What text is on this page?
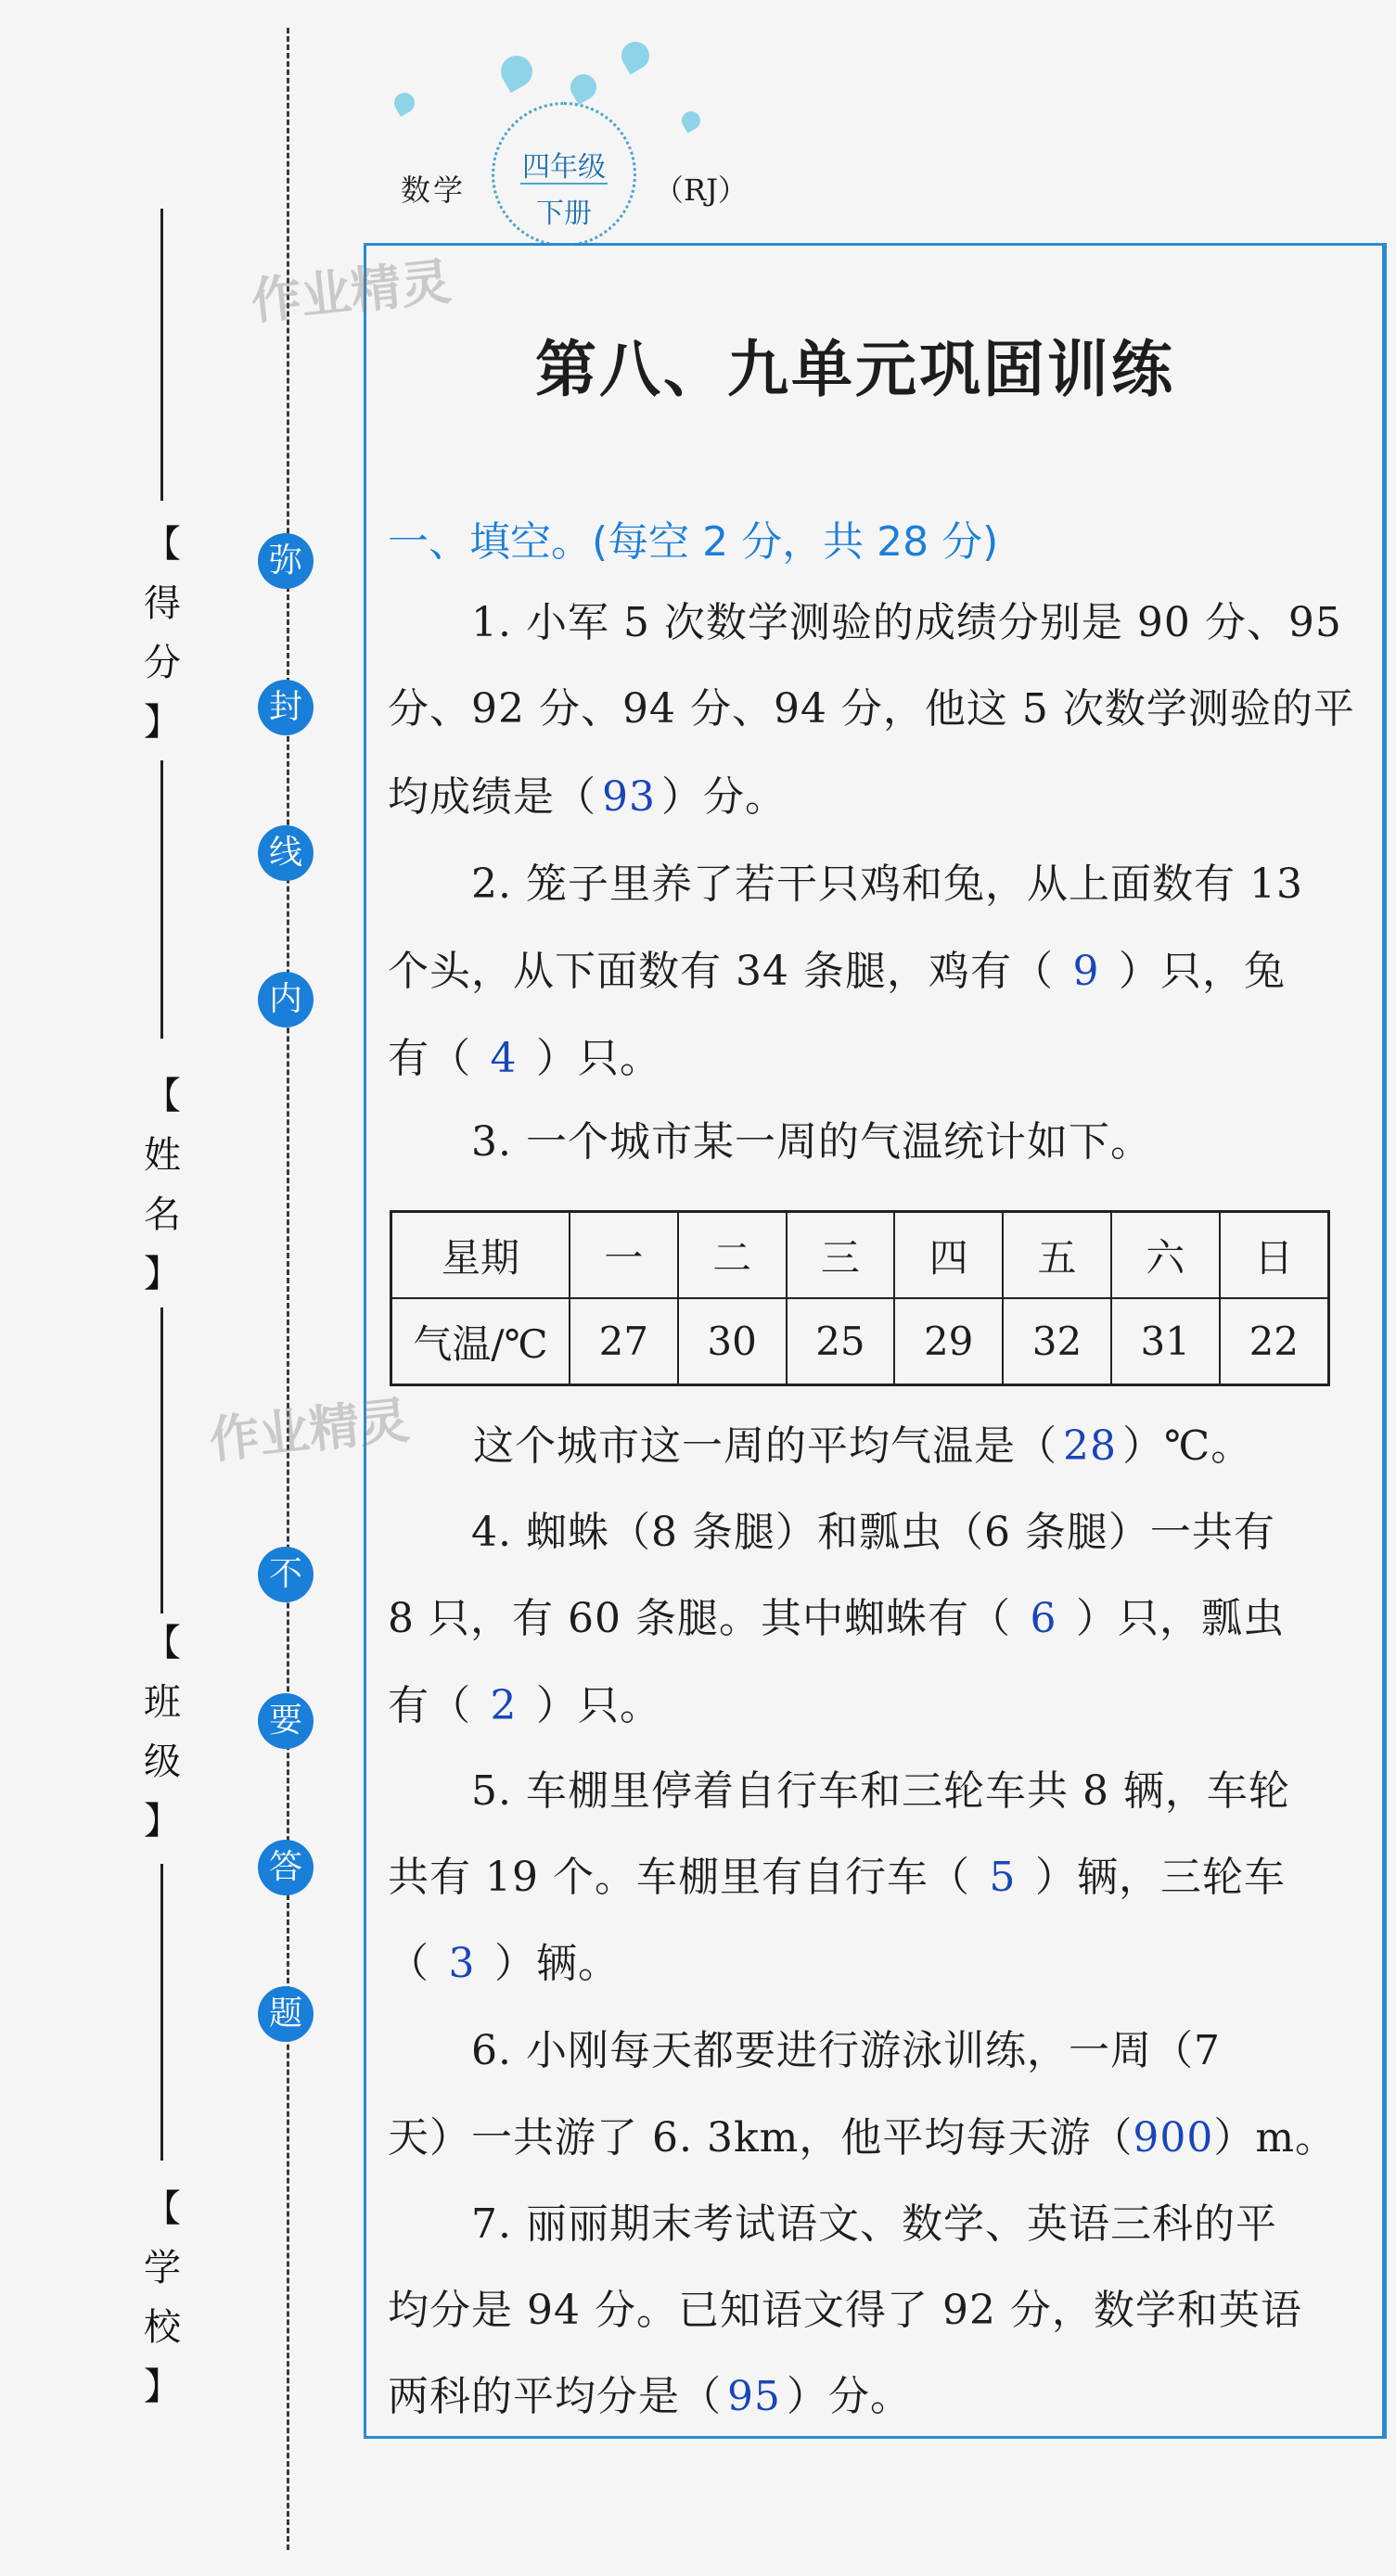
【
得
分
】
【
姓
名
】
【
班
级
】
【
学
校
】
弥
封
线
内
不
要
答
题
数学
四年级
下册
（RJ）
作业精灵
作业精灵
第八、九单元巩固训练
一、填空。(每空 2 分，共 28 分)
1. 小军 5 次数学测验的成绩分别是 90 分、95
分、92 分、94 分、94 分，他这 5 次数学测验的平
均成绩是（ 93 ）分。
2. 笼子里养了若干只鸡和兔，从上面数有 13
个头，从下面数有 34 条腿，鸡有（ 9 ）只，兔
有（ 4 ）只。
3. 一个城市某一周的气温统计如下。
星期	一	二	三	四	五	六	日
气温/℃	27	30	25	29	32	31	22
这个城市这一周的平均气温是（ 28 ）℃。
4. 蜘蛛（8 条腿）和瓢虫（6 条腿）一共有
8 只，有 60 条腿。其中蜘蛛有（ 6 ）只，瓢虫
有（ 2 ）只。
5. 车棚里停着自行车和三轮车共 8 辆，车轮
共有 19 个。车棚里有自行车（ 5 ）辆，三轮车
（ 3 ）辆。
6. 小刚每天都要进行游泳训练，一周（7
天）一共游了 6. 3km，他平均每天游（900）m。
7. 丽丽期末考试语文、数学、英语三科的平
均分是 94 分。已知语文得了 92 分，数学和英语
两科的平均分是（ 95 ）分。
